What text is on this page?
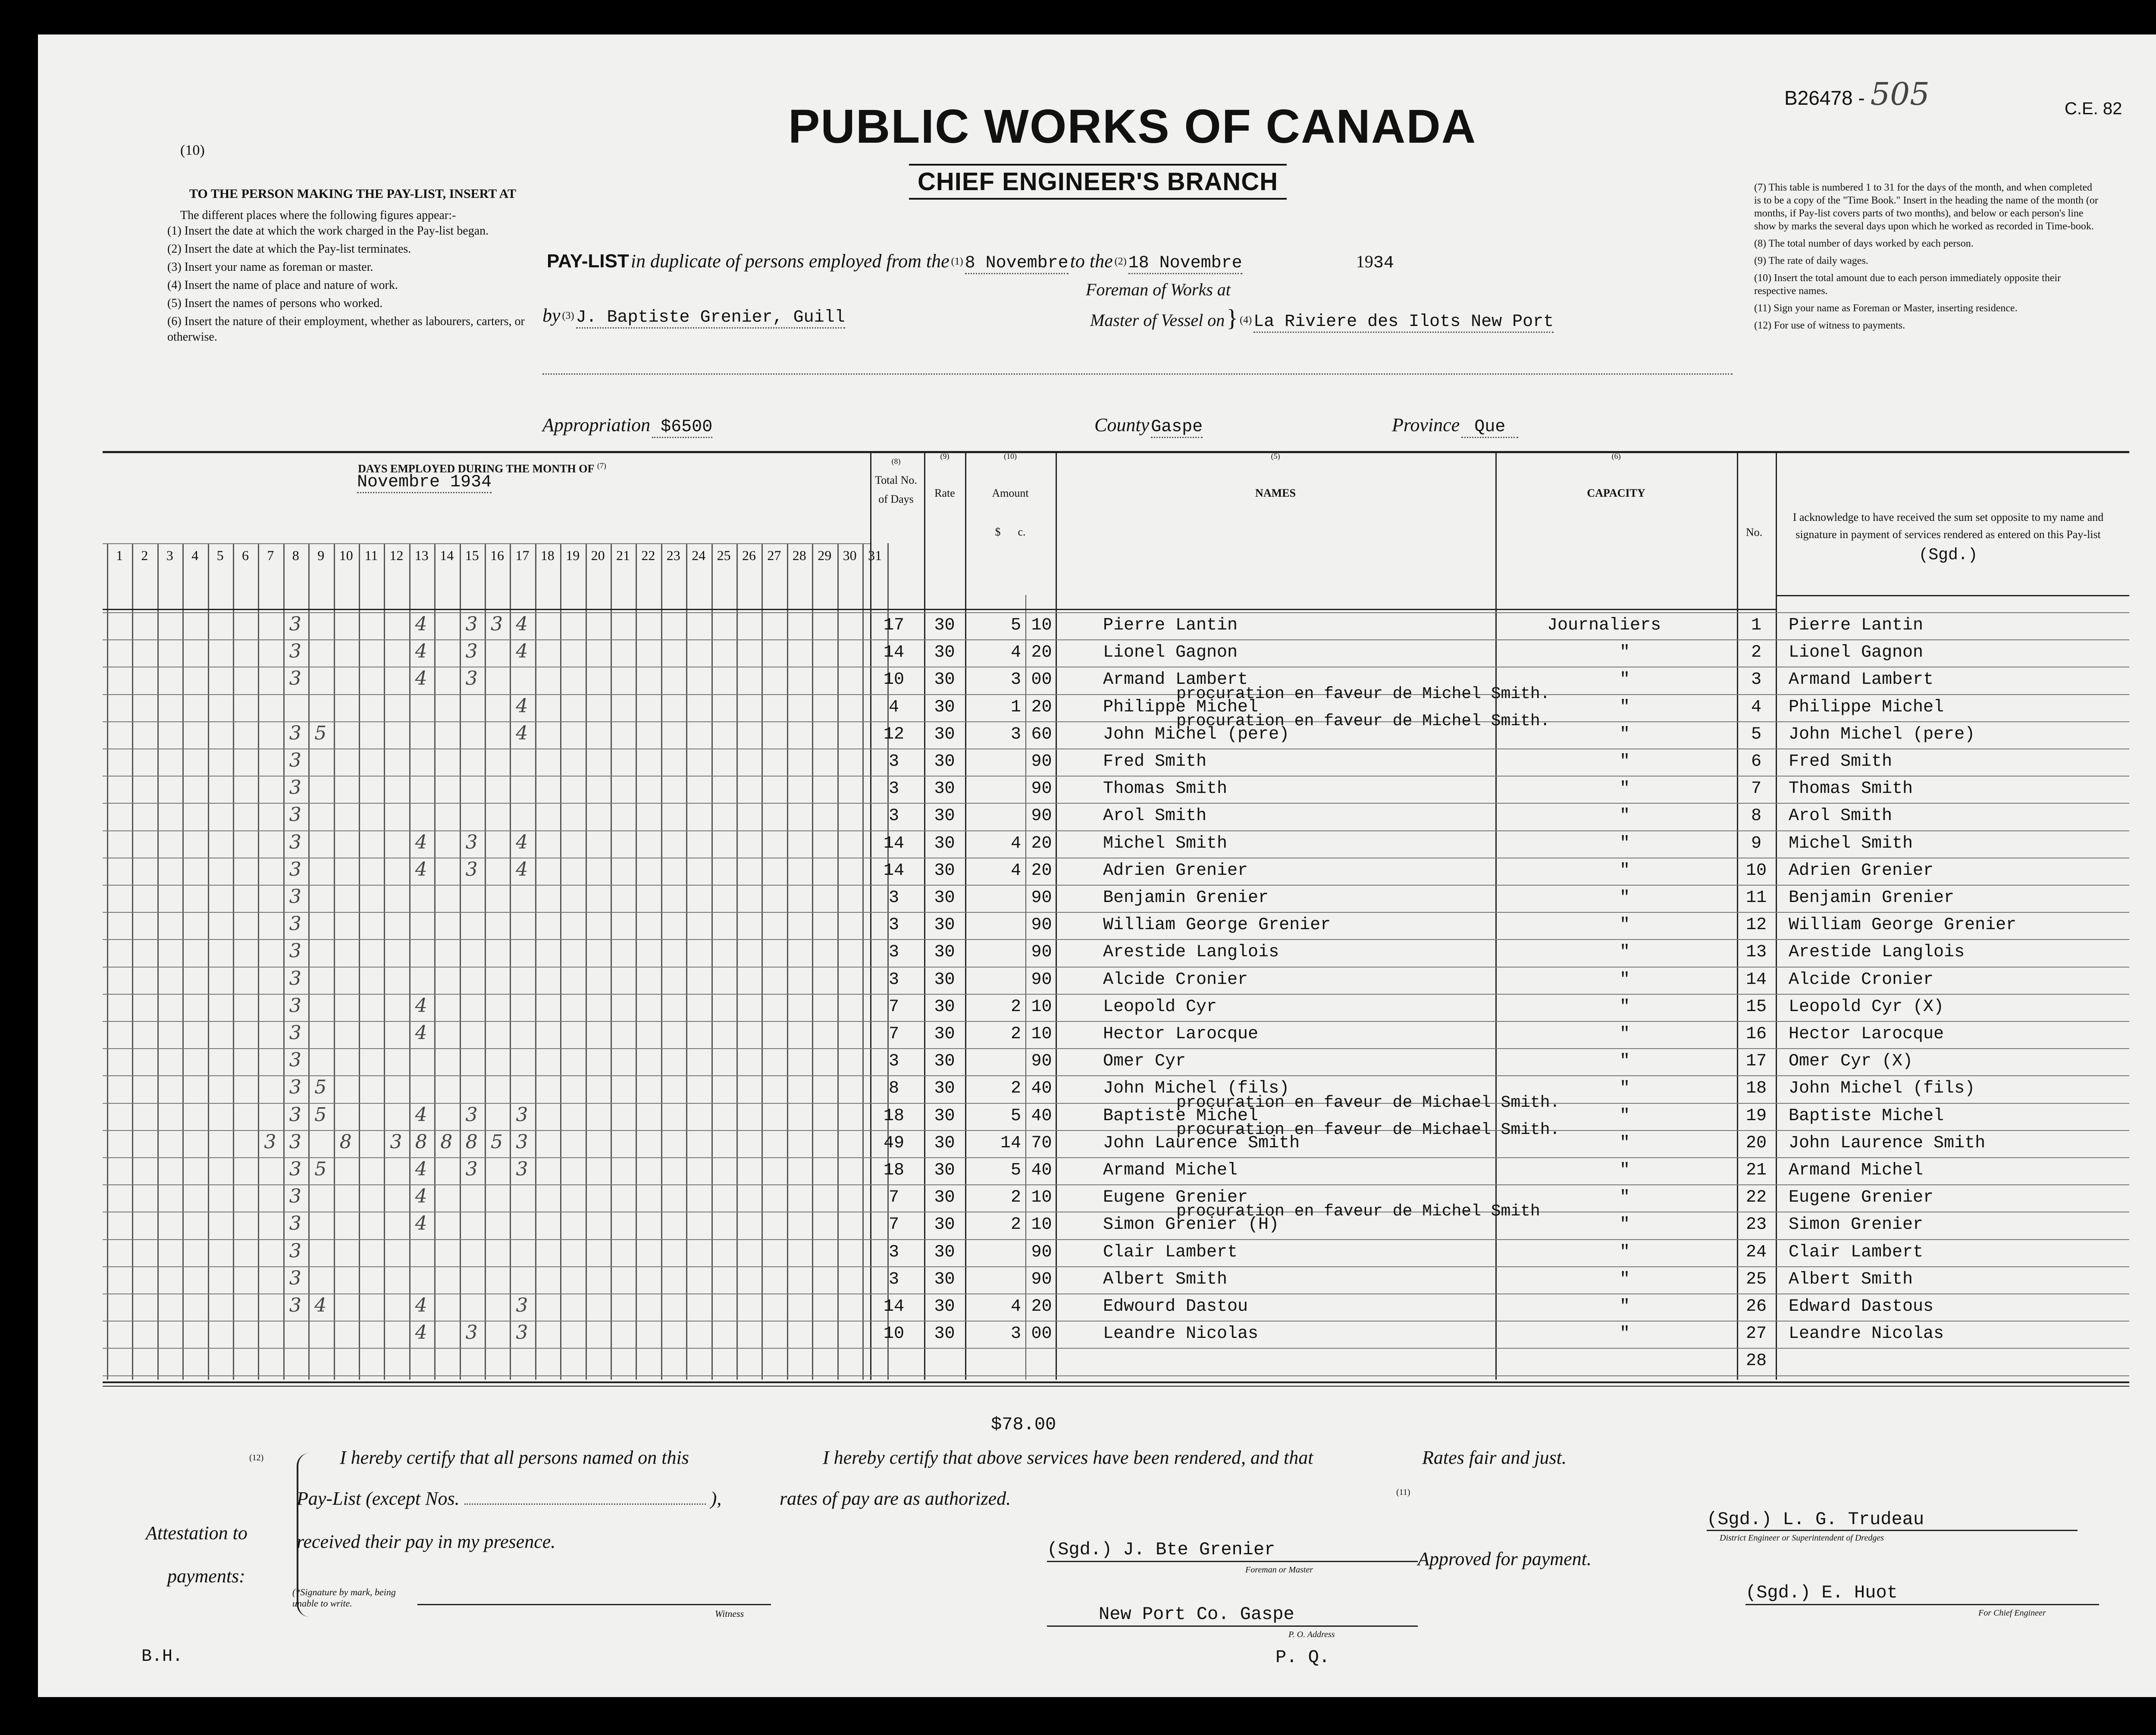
B26478 - 505	C.E. 82
(10)	PUBLIC WORKS OF CANADA
CHIEF ENGINEER'S BRANCH
TO THE PERSON MAKING THE PAY-LIST, INSERT AT
The different places where the following figures appear:-
(1) Insert the date at which the work charged in the Pay-list began.
(2) Insert the date at which the Pay-list terminates.
(3) Insert your name as foreman or master.
(4) Insert the name of place and nature of work.
(5) Insert the names of persons who worked.
(6) Insert the nature of their employment, whether as labourers, carters, or otherwise.
(7) This table is numbered 1 to 31 for the days of the month, and when completed is to be a copy of the "Time Book." Insert in the heading the name of the month (or months, if Pay-list covers parts of two months), and below or each person's line show by marks the several days upon which he worked as recorded in Time-book.
(8) The total number of days worked by each person.
(9) The rate of daily wages.
(10) Insert the total amount due to each person immediately opposite their respective names.
(11) Sign your name as Foreman or Master, inserting residence.
(12) For use of witness to payments.
PAY-LIST in duplicate of persons employed from the $^{(1)}$ 8 Novembre to the $^{(2)}$ 18 Novembre	1934
Foreman of Works at
by $^{(3)}$ J. Baptiste Grenier, Guill	Master of Vessel on } $^{(4)}$ La Riviere des Ilots New Port
Appropriation $6500	County Gaspe	Province Que
DAYS EMPLOYED DURING THE MONTH OF $^{(7)}$
Novembre 1934
(8)
Total No. of Days
(9)
Rate
(10)
Amount
$ c.
(5)
NAMES
(6)
CAPACITY
No.
I acknowledge to have received the sum set opposite to my name and signature in payment of services rendered as entered on this Pay-list
(Sgd.)
1	2	3	4	5	6	7	8	9	10 11 12 13 14 15 16 17 18 19 20 21 22 23 24 25 26 27 28 29 30 31
3	4 3 3 4	17	30	5 10	Pierre Lantin	Journaliers	1	Pierre Lantin
3	4 3 4	14	30	4 20	Lionel Gagnon	"	2	Lionel Gagnon
3	4 3	10	30	3 00	Armand Lambert	"	3	Armand Lambert
4	4	30	1 20	Philippe Michel	"	4	Philippe Michel
procuration en faveur de Michel Smith.
3 5	4	12	30	3 60	John Michel (pere)	"	5	John Michel (pere)
procuration en faveur de Michel Smith.
3	3	30	90	Fred Smith	"	6	Fred Smith
3	3	30	90	Thomas Smith	"	7	Thomas Smith
3	3	30	90	Arol Smith	"	8	Arol Smith
3	4 3 4	14	30	4 20	Michel Smith	"	9	Michel Smith
3	4 3 4	14	30	4 20	Adrien Grenier	"	10	Adrien Grenier
3	3	30	90	Benjamin Grenier	"	11	Benjamin Grenier
3	3	30	90	William George Grenier	"	12	William George Grenier
3	3	30	90	Arestide Langlois	"	13	Arestide Langlois
3	3	30	90	Alcide Cronier	"	14	Alcide Cronier
3	4	7	30	2 10	Leopold Cyr	"	15	Leopold Cyr (X)
3	4	7	30	2 10	Hector Larocque	"	16	Hector Larocque
3	3	30	90	Omer Cyr	"	17	Omer Cyr (X)
3 5	8	30	2 40	John Michel (fils)	"	18	John Michel (fils)
3 5	4 3 3	18	30	5 40	Baptiste Michel	"	19	Baptiste Michel
procuration en faveur de Michael Smith.
3 3 8 3 8 8 8 5 3	49	30	14 70	John Laurence Smith	"	20	John Laurence Smith
procuration en faveur de Michael Smith.
3 5	4 3 3	18	30	5 40	Armand Michel	"	21	Armand Michel
3	4	7	30	2 10	Eugene Grenier	"	22	Eugene Grenier
3	4	7	30	2 10	Simon Grenier (H)	"	23	Simon Grenier
procuration en faveur de Michel Smith
3	3	30	90	Clair Lambert	"	24	Clair Lambert
3	3	30	90	Albert Smith	"	25	Albert Smith
3 4	4	3	14	30	4 20	Edwourd Dastou	"	26	Edward Dastous
4 3 3	10	30	3 00	Leandre Nicolas	"	27	Leandre Nicolas
28
$78.00
(12)
(11)
I hereby certify that all persons named on this
Pay-List (except Nos.	),
received their pay in my presence.
Attestation to
payments:
(*Signature by mark, being unable to write.
Witness
I hereby certify that above services have been rendered, and that
rates of pay are as authorized.
(Sgd.) J. Bte Grenier
Foreman or Master
New Port Co. Gaspe
P. O. Address
P. Q.
Rates fair and just.
Approved for payment.
(Sgd.) L. G. Trudeau
District Engineer or Superintendent of Dredges
(Sgd.) E. Huot
For Chief Engineer
B.H.
